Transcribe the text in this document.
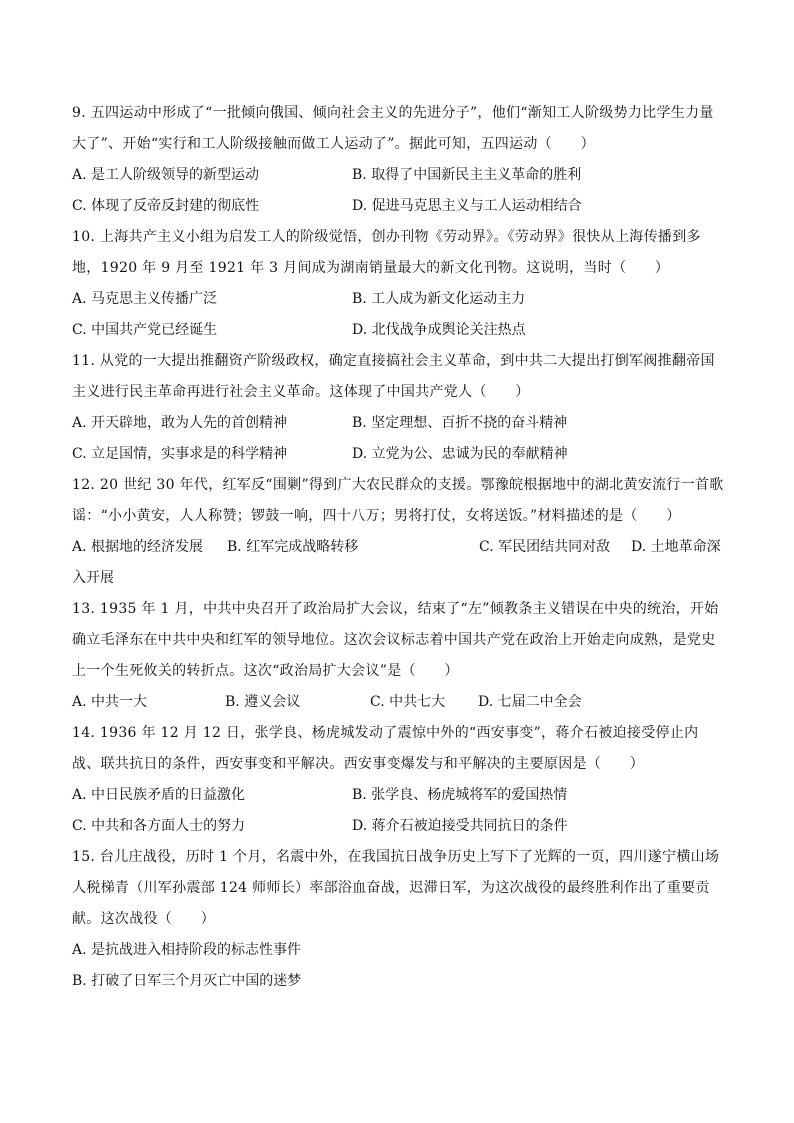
9. 五四运动中形成了“一批倾向俄国、倾向社会主义的先进分子”，他们“渐知工人阶级势力比学生力量大了”、开始“实行和工人阶级接触而做工人运动了”。据此可知，五四运动（　　）

A. 是工人阶级领导的新型运动	B. 取得了中国新民主主义革命的胜利
C. 体现了反帝反封建的彻底性	D. 促进马克思主义与工人运动相结合

10. 上海共产主义小组为启发工人的阶级觉悟，创办刊物《劳动界》。《劳动界》很快从上海传播到多地，1920 年 9 月至 1921 年 3 月间成为湖南销量最大的新文化刊物。这说明，当时（　　）

A. 马克思主义传播广泛	B. 工人成为新文化运动主力
C. 中国共产党已经诞生	D. 北伐战争成舆论关注热点

11. 从党的一大提出推翻资产阶级政权，确定直接搞社会主义革命，到中共二大提出打倒军阀推翻帝国主义进行民主革命再进行社会主义革命。这体现了中国共产党人（　　）

A. 开天辟地，敢为人先的首创精神	B. 坚定理想、百折不挠的奋斗精神
C. 立足国情，实事求是的科学精神	D. 立党为公、忠诚为民的奉献精神

12. 20 世纪 30 年代，红军反“围剿”得到广大农民群众的支援。鄂豫皖根据地中的湖北黄安流行一首歌谣：“小小黄安，人人称赞；锣鼓一响，四十八万；男将打仗，女将送饭。”材料描述的是（　　）

A. 根据地的经济发展 B. 红军完成战略转移	C. 军民团结共同对敌 D. 土地革命深入开展

13. 1935 年 1 月，中共中央召开了政治局扩大会议，结束了“左”倾教条主义错误在中央的统治，开始确立毛泽东在中共中央和红军的领导地位。这次会议标志着中国共产党在政治上开始走向成熟，是党史上一个生死攸关的转折点。这次“政治局扩大会议”是（　　）

A. 中共一大	B. 遵义会议	C. 中共七大 D. 七届二中全会

14. 1936 年 12 月 12 日，张学良、杨虎城发动了震惊中外的“西安事变”，蒋介石被迫接受停止内战、联共抗日的条件，西安事变和平解决。西安事变爆发与和平解决的主要原因是（　　）

A. 中日民族矛盾的日益激化	B. 张学良、杨虎城将军的爱国热情
C. 中共和各方面人士的努力	D. 蒋介石被迫接受共同抗日的条件

15. 台儿庄战役，历时 1 个月，名震中外，在我国抗日战争历史上写下了光辉的一页，四川遂宁横山场人税梯青（川军孙震部 124 师师长）率部浴血奋战，迟滞日军，为这次战役的最终胜利作出了重要贡献。这次战役（　　）

A. 是抗战进入相持阶段的标志性事件
B. 打破了日军三个月灭亡中国的迷梦
